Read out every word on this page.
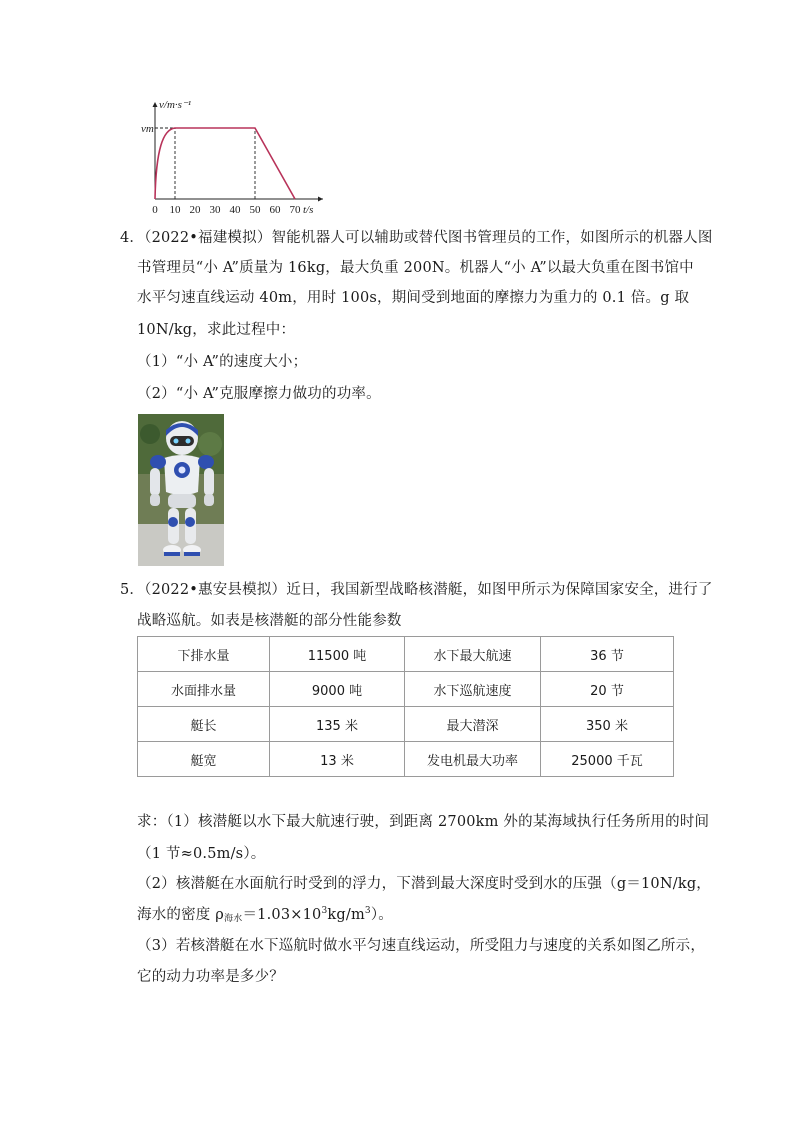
0 10 20 30 40 50 60 70 t/s
v/m·s⁻¹
vm
4．（2022•福建模拟）智能机器人可以辅助或替代图书管理员的工作，如图所示的机器人图
书管理员“小 A”质量为 16kg，最大负重 200N。机器人“小 A”以最大负重在图书馆中
水平匀速直线运动 40m，用时 100s，期间受到地面的摩擦力为重力的 0.1 倍。g 取
10N/kg，求此过程中：
（1）“小 A”的速度大小；
（2）“小 A”克服摩擦力做功的功率。
5．（2022•惠安县模拟）近日，我国新型战略核潜艇，如图甲所示为保障国家安全，进行了
战略巡航。如表是核潜艇的部分性能参数
下排水量	11500 吨	水下最大航速	36 节
水面排水量	9000 吨	水下巡航速度	20 节
艇长	135 米	最大潜深	350 米
艇宽	13 米	发电机最大功率	25000 千瓦
求：（1）核潜艇以水下最大航速行驶，到距离 2700km 外的某海域执行任务所用的时间
（1 节≈0.5m/s）。
（2）核潜艇在水面航行时受到的浮力，下潜到最大深度时受到水的压强（g＝10N/kg，
海水的密度 $\rho_{海水}=1.03\times 10^3kg/m^3$）。
（3）若核潜艇在水下巡航时做水平匀速直线运动，所受阻力与速度的关系如图乙所示，
它的动力功率是多少？
